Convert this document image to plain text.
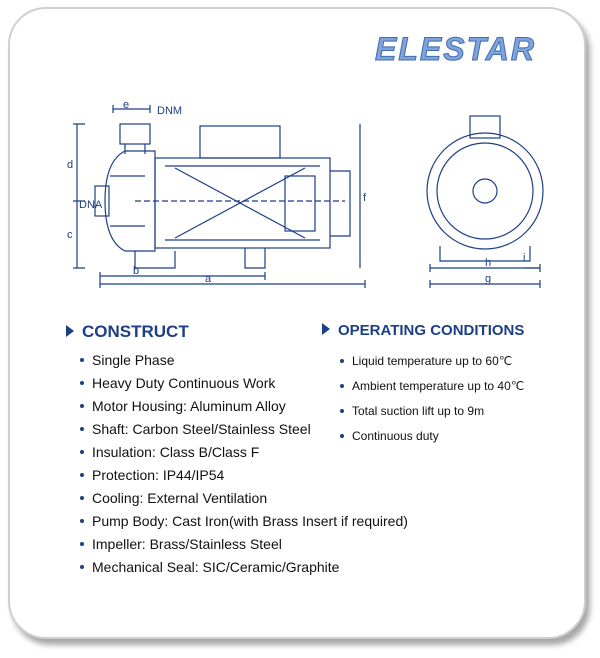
ELESTAR
e	DNM
d
DNA
c
b
a
f
h	i
g
CONSTRUCT
Single Phase
Heavy Duty Continuous Work
Motor Housing: Aluminum Alloy
Shaft: Carbon Steel/Stainless Steel
Insulation: Class B/Class F
Protection: IP44/IP54
Cooling: External Ventilation
Pump Body: Cast Iron(with Brass Insert if required)
Impeller: Brass/Stainless Steel
Mechanical Seal: SIC/Ceramic/Graphite
OPERATING CONDITIONS
Liquid temperature up to 60℃
Ambient temperature up to 40℃
Total suction lift up to 9m
Continuous duty
